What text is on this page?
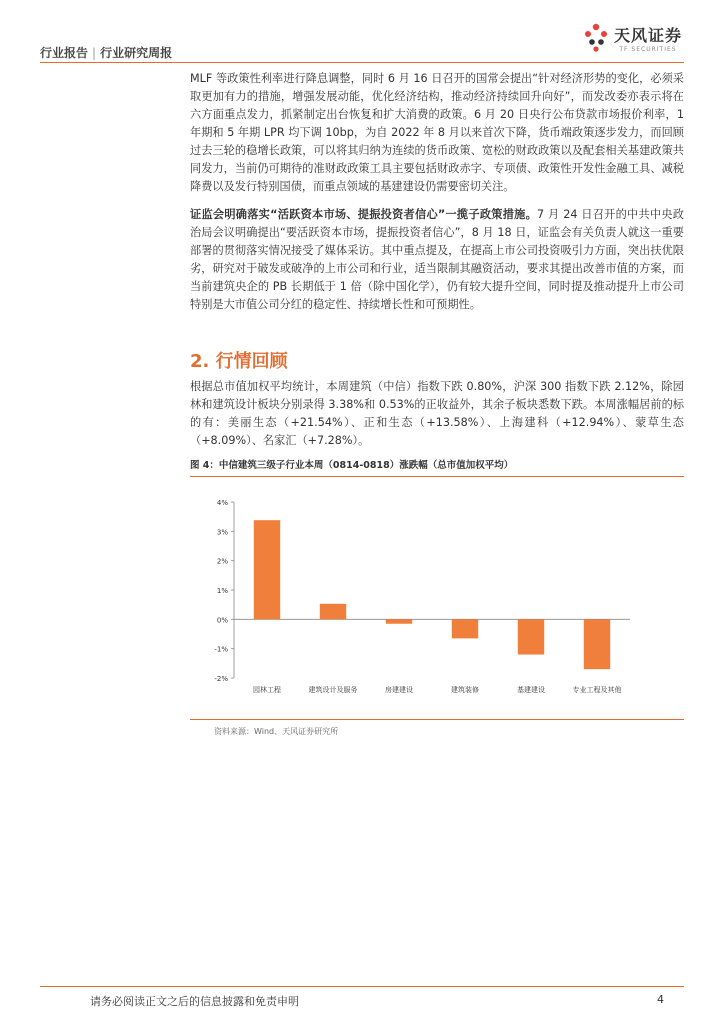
行业报告 | 行业研究周报
天风证券
TF SECURITIES

MLF 等政策性利率进行降息调整，同时 6 月 16 日召开的国常会提出“针对经济形势的变化，必须采取更加有力的措施，增强发展动能，优化经济结构，推动经济持续回升向好”，而发改委亦表示将在六方面重点发力，抓紧制定出台恢复和扩大消费的政策。6 月 20 日央行公布贷款市场报价利率，1 年期和 5 年期 LPR 均下调 10bp，为自 2022 年 8 月以来首次下降，货币端政策逐步发力，而回顾过去三轮的稳增长政策，可以将其归纳为连续的货币政策、宽松的财政政策以及配套相关基建政策共同发力，当前仍可期待的准财政政策工具主要包括财政赤字、专项债、政策性开发性金融工具、减税降费以及发行特别国债，而重点领域的基建建设仍需要密切关注。

证监会明确落实“活跃资本市场、提振投资者信心”一揽子政策措施。7 月 24 日召开的中共中央政治局会议明确提出“要活跃资本市场，提振投资者信心”，8 月 18 日，证监会有关负责人就这一重要部署的贯彻落实情况接受了媒体采访。其中重点提及，在提高上市公司投资吸引力方面，突出扶优限劣，研究对于破发或破净的上市公司和行业，适当限制其融资活动，要求其提出改善市值的方案，而当前建筑央企的 PB 长期低于 1 倍（除中国化学），仍有较大提升空间，同时提及推动提升上市公司特别是大市值公司分红的稳定性、持续增长性和可预期性。

2. 行情回顾

根据总市值加权平均统计，本周建筑（中信）指数下跌 0.80%，沪深 300 指数下跌 2.12%，除园林和建筑设计板块分别录得 3.38%和 0.53%的正收益外，其余子板块悉数下跌。本周涨幅居前的标的有：美丽生态（+21.54%）、正和生态（+13.58%）、上海建科（+12.94%）、蒙草生态（+8.09%）、名家汇（+7.28%）。

图 4：中信建筑三级子行业本周（0814-0818）涨跌幅（总市值加权平均）
-2%
-1%
0%
1%
2%
3%
4%
园林工程	建筑设计及服务	房建建设	建筑装修	基建建设	专业工程及其他
资料来源：Wind、天风证券研究所
请务必阅读正文之后的信息披露和免责申明	4
